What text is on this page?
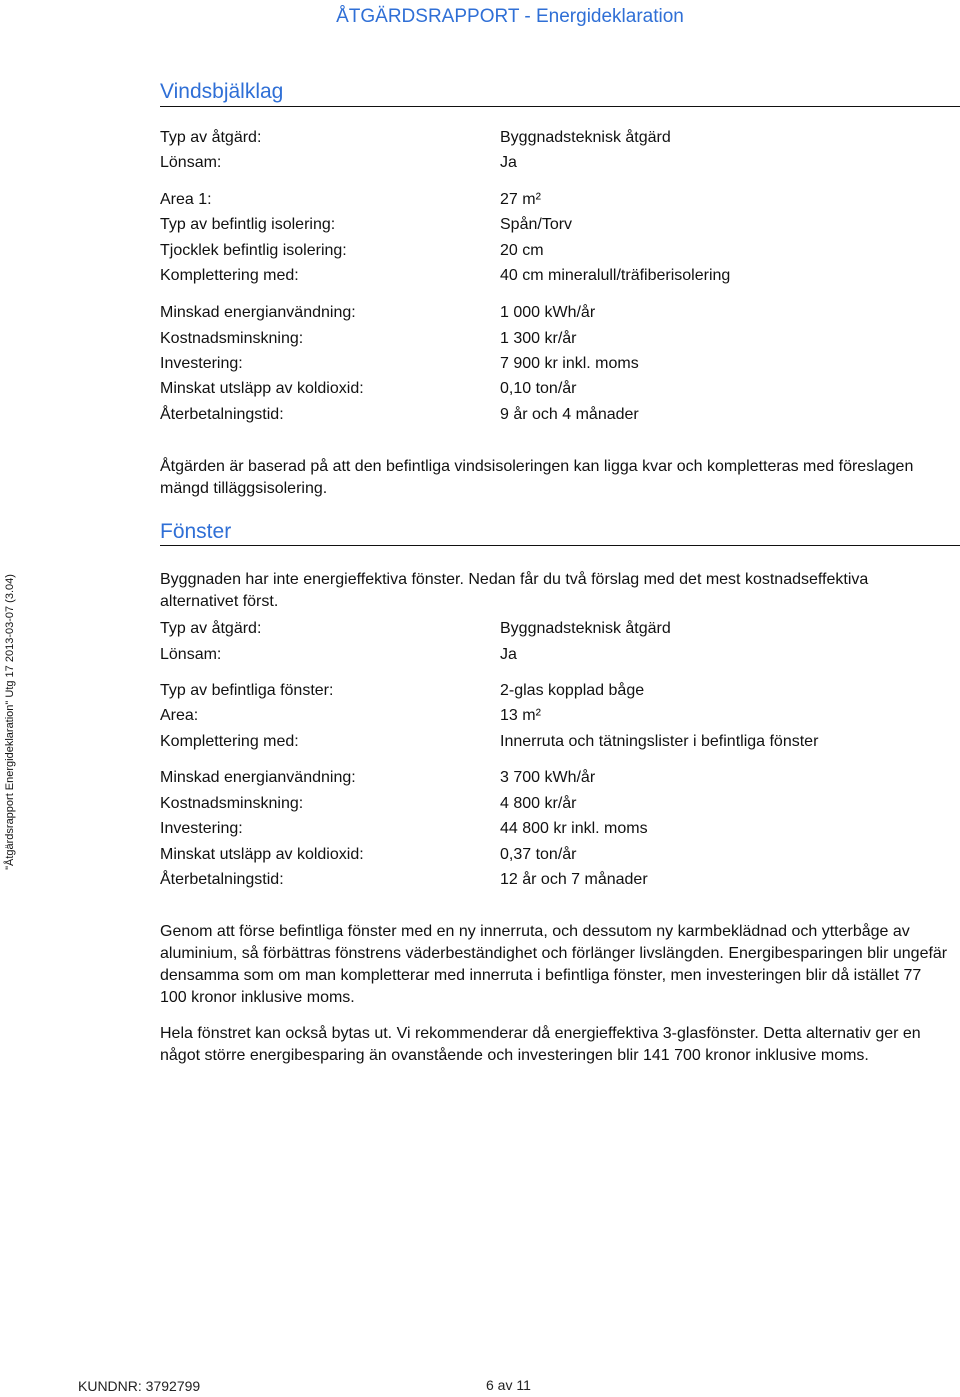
ÅTGÄRDSRAPPORT - Energideklaration
"Åtgärdsrapport Energideklaration" Utg 17 2013-03-07 (3.04)
Vindsbjälklag
Typ av åtgärd:	Byggnadsteknisk åtgärd
Lönsam:	Ja
Area 1:	27 m²
Typ av befintlig isolering:	Spån/Torv
Tjocklek befintlig isolering:	20 cm
Komplettering med:	40 cm mineralull/träfiberisolering
Minskad energianvändning:	1 000 kWh/år
Kostnadsminskning:	1 300 kr/år
Investering:	7 900 kr inkl. moms
Minskat utsläpp av koldioxid:	0,10 ton/år
Återbetalningstid:	9 år och 4 månader
Åtgärden är baserad på att den befintliga vindsisoleringen kan ligga kvar och kompletteras med föreslagen mängd tilläggsisolering.
Fönster
Byggnaden har inte energieffektiva fönster. Nedan får du två förslag med det mest kostnadseffektiva alternativet först.
Typ av åtgärd:	Byggnadsteknisk åtgärd
Lönsam:	Ja
Typ av befintliga fönster:	2-glas kopplad båge
Area:	13 m²
Komplettering med:	Innerruta och tätningslister i befintliga fönster
Minskad energianvändning:	3 700 kWh/år
Kostnadsminskning:	4 800 kr/år
Investering:	44 800 kr inkl. moms
Minskat utsläpp av koldioxid:	0,37 ton/år
Återbetalningstid:	12 år och 7 månader
Genom att förse befintliga fönster med en ny innerruta, och dessutom ny karmbeklädnad och ytterbåge av aluminium, så förbättras fönstrens väderbeständighet och förlänger livslängden. Energibesparingen blir ungefär densamma som om man kompletterar med innerruta i befintliga fönster, men investeringen blir då istället 77 100 kronor inklusive moms.
Hela fönstret kan också bytas ut. Vi rekommenderar då energieffektiva 3-glasfönster. Detta alternativ ger en något större energibesparing än ovanstående och investeringen blir 141 700 kronor inklusive moms.
KUNDNR: 3792799	6 av 11
